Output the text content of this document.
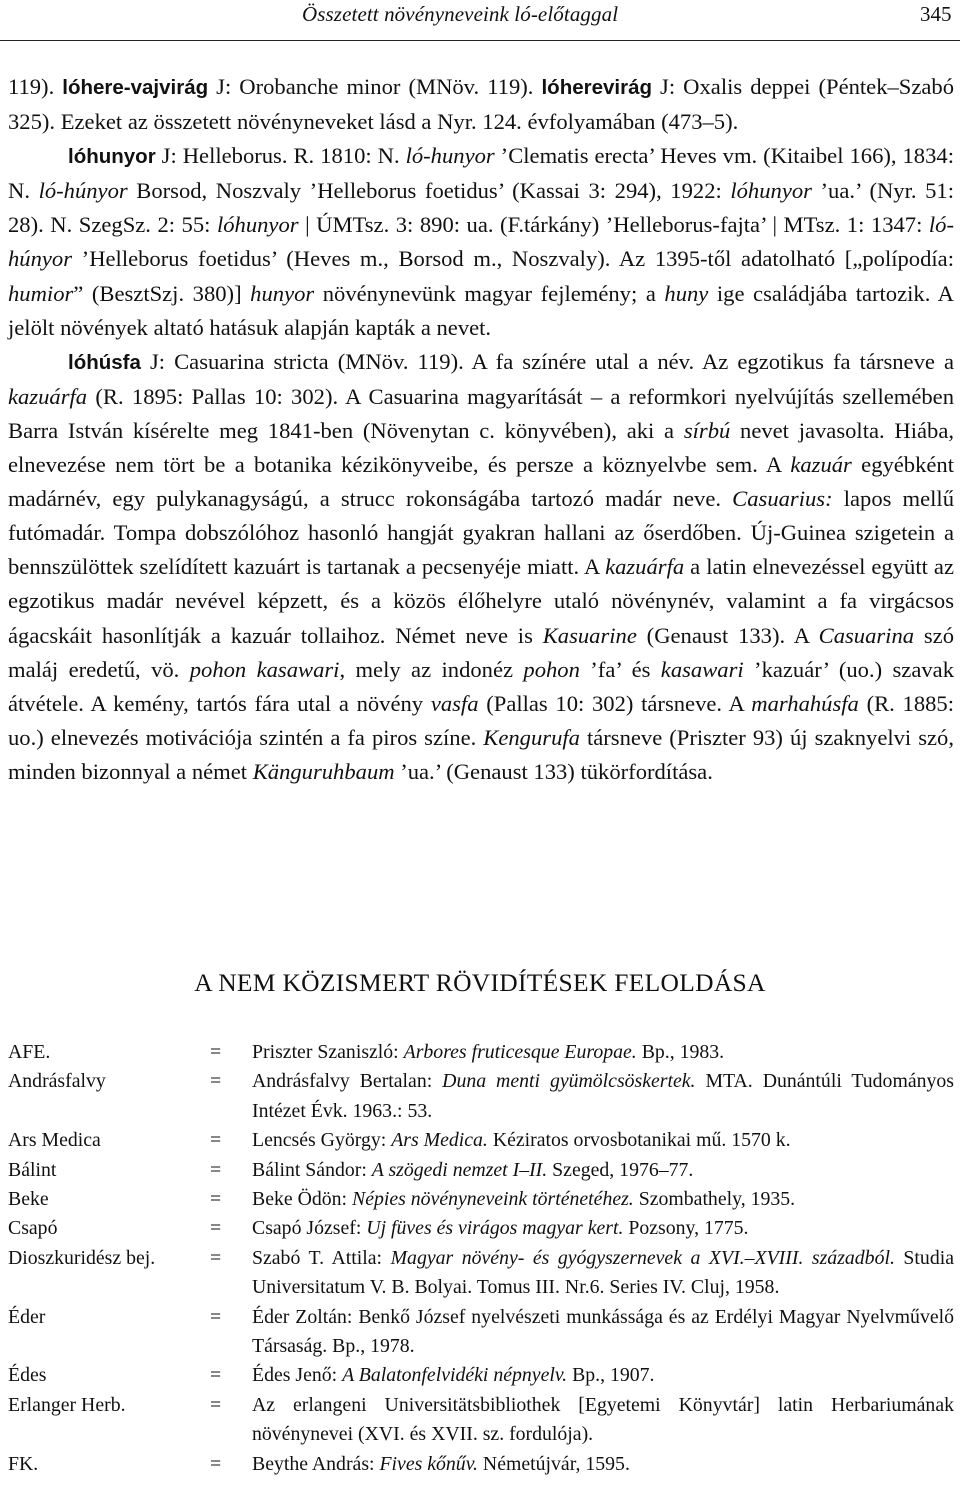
Összetett növényneveink ló-előtaggal	345

119). lóhere-vajvirág J: Orobanche minor (MNöv. 119). lóherevirág J: Oxalis deppei (Péntek–Szabó 325). Ezeket az összetett növényneveket lásd a Nyr. 124. évfolyamában (473–5).

lóhunyor J: Helleborus. R. 1810: N. ló-hunyor ’Clematis erecta’ Heves vm. (Kitaibel 166), 1834: N. ló-húnyor Borsod, Noszvaly ’Helleborus foetidus’ (Kassai 3: 294), 1922: lóhunyor ’ua.’ (Nyr. 51: 28). N. SzegSz. 2: 55: lóhunyor | ÚMTsz. 3: 890: ua. (F.tárkány) ’Helleborus-fajta’ | MTsz. 1: 1347: ló-húnyor ’Helleborus foetidus’ (Heves m., Borsod m., Noszvaly). Az 1395-től adatolható [„polípodía: humior” (BesztSzj. 380)] hunyor növénynevünk magyar fejlemény; a huny ige családjába tartozik. A jelölt növények altató hatásuk alapján kapták a nevet.

lóhúsfa J: Casuarina stricta (MNöv. 119). A fa színére utal a név. Az egzotikus fa társneve a kazuárfa (R. 1895: Pallas 10: 302). A Casuarina magyarítását – a reformkori nyelvújítás szellemében Barra István kísérelte meg 1841-ben (Növenytan c. könyvében), aki a sírbú nevet javasolta. Hiába, elnevezése nem tört be a botanika kézikönyveibe, és persze a köznyelvbe sem. A kazuár egyébként madárnév, egy pulykanagyságú, a strucc rokonságába tartozó madár neve. Casuarius: lapos mellű futómadár. Tompa dobszólóhoz hasonló hangját gyakran hallani az őserdőben. Új-Guinea szigetein a bennszülöttek szelídített kazuárt is tartanak a pecsenyéje miatt. A kazuárfa a latin elnevezéssel együtt az egzotikus madár nevével képzett, és a közös élőhelyre utaló növénynév, valamint a fa virgácsos ágacskáit hasonlítják a kazuár tollaihoz. Német neve is Kasuarine (Genaust 133). A Casuarina szó maláj eredetű, vö. pohon kasawari, mely az indonéz pohon ’fa’ és kasawari ’kazuár’ (uo.) szavak átvétele. A kemény, tartós fára utal a növény vasfa (Pallas 10: 302) társneve. A marhahúsfa (R. 1885: uo.) elnevezés motivációja szintén a fa piros színe. Kengurufa társneve (Priszter 93) új szaknyelvi szó, minden bizonnyal a német Känguruhbaum ’ua.’ (Genaust 133) tükörfordítása.

A NEM KÖZISMERT RÖVIDÍTÉSEK FELOLDÁSA
AFE.	= Priszter Szaniszló: Arbores fruticesque Europae. Bp., 1983.
Andrásfalvy	= Andrásfalvy Bertalan: Duna menti gyümölcsöskertek. MTA. Dunántúli Tudományos Intézet Évk. 1963.: 53.
Ars Medica	= Lencsés György: Ars Medica. Kéziratos orvosbotanikai mű. 1570 k.
Bálint	= Bálint Sándor: A szögedi nemzet I–II. Szeged, 1976–77.
Beke	= Beke Ödön: Népies növényneveink történetéhez. Szombathely, 1935.
Csapó	= Csapó József: Uj füves és virágos magyar kert. Pozsony, 1775.
Dioszkuridész bej.	= Szabó T. Attila: Magyar növény- és gyógyszernevek a XVI.–XVIII. századból. Studia Universitatum V. B. Bolyai. Tomus III. Nr.6. Series IV. Cluj, 1958.
Éder	= Éder Zoltán: Benkő József nyelvészeti munkássága és az Erdélyi Magyar Nyelvművelő Társaság. Bp., 1978.
Édes	= Édes Jenő: A Balatonfelvidéki népnyelv. Bp., 1907.
Erlanger Herb.	= Az erlangeni Universitätsbibliothek [Egyetemi Könyvtár] latin Herbariumának növénynevei (XVI. és XVII. sz. fordulója).
FK.	= Beythe András: Fives kőnűv. Németújvár, 1595.
